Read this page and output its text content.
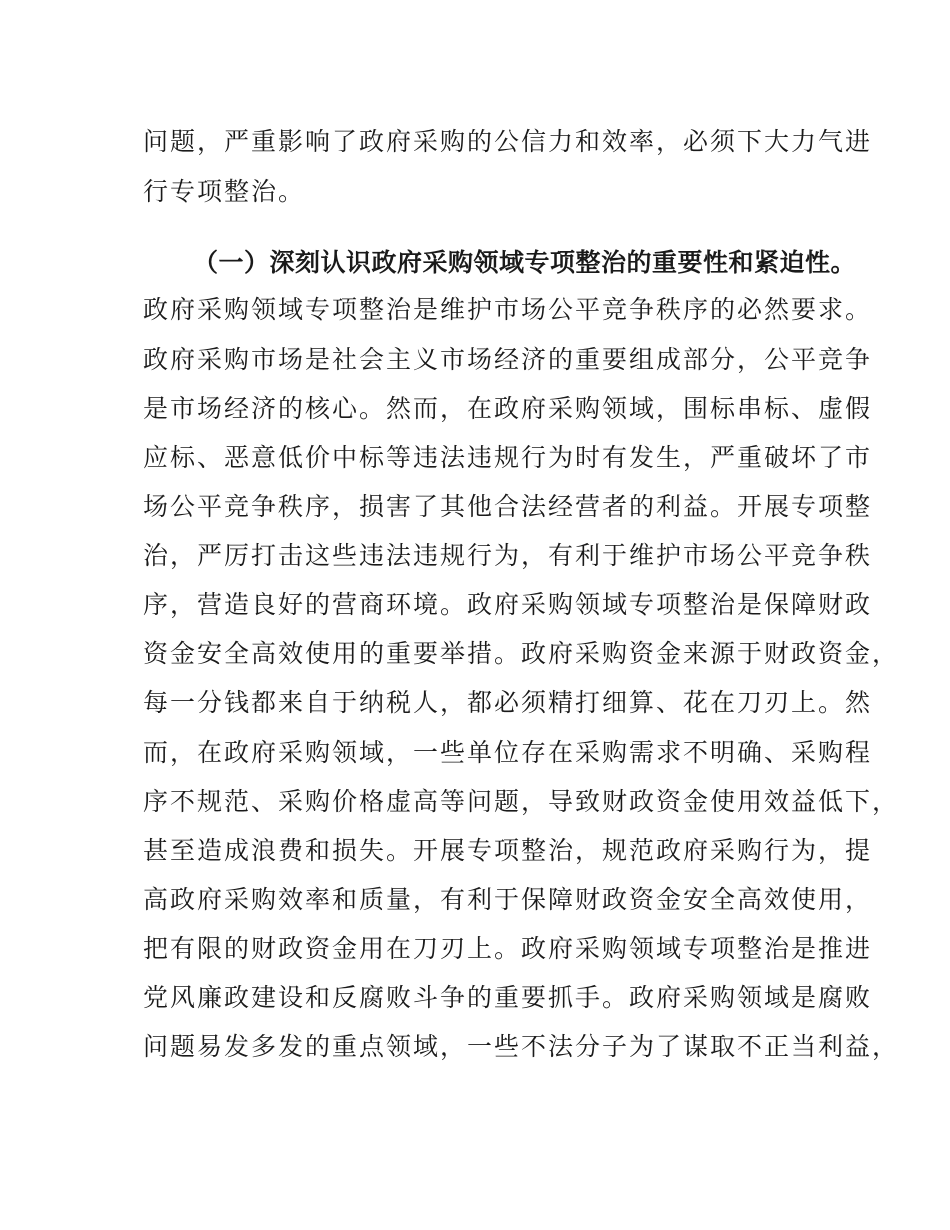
问题，严重影响了政府采购的公信力和效率，必须下大力气进
行专项整治。
（一）深刻认识政府采购领域专项整治的重要性和紧迫性。
政府采购领域专项整治是维护市场公平竞争秩序的必然要求。
政府采购市场是社会主义市场经济的重要组成部分，公平竞争
是市场经济的核心。然而，在政府采购领域，围标串标、虚假
应标、恶意低价中标等违法违规行为时有发生，严重破坏了市
场公平竞争秩序，损害了其他合法经营者的利益。开展专项整
治，严厉打击这些违法违规行为，有利于维护市场公平竞争秩
序，营造良好的营商环境。政府采购领域专项整治是保障财政
资金安全高效使用的重要举措。政府采购资金来源于财政资金，
每一分钱都来自于纳税人，都必须精打细算、花在刀刃上。然
而，在政府采购领域，一些单位存在采购需求不明确、采购程
序不规范、采购价格虚高等问题，导致财政资金使用效益低下，
甚至造成浪费和损失。开展专项整治，规范政府采购行为，提
高政府采购效率和质量，有利于保障财政资金安全高效使用，
把有限的财政资金用在刀刃上。政府采购领域专项整治是推进
党风廉政建设和反腐败斗争的重要抓手。政府采购领域是腐败
问题易发多发的重点领域，一些不法分子为了谋取不正当利益，
